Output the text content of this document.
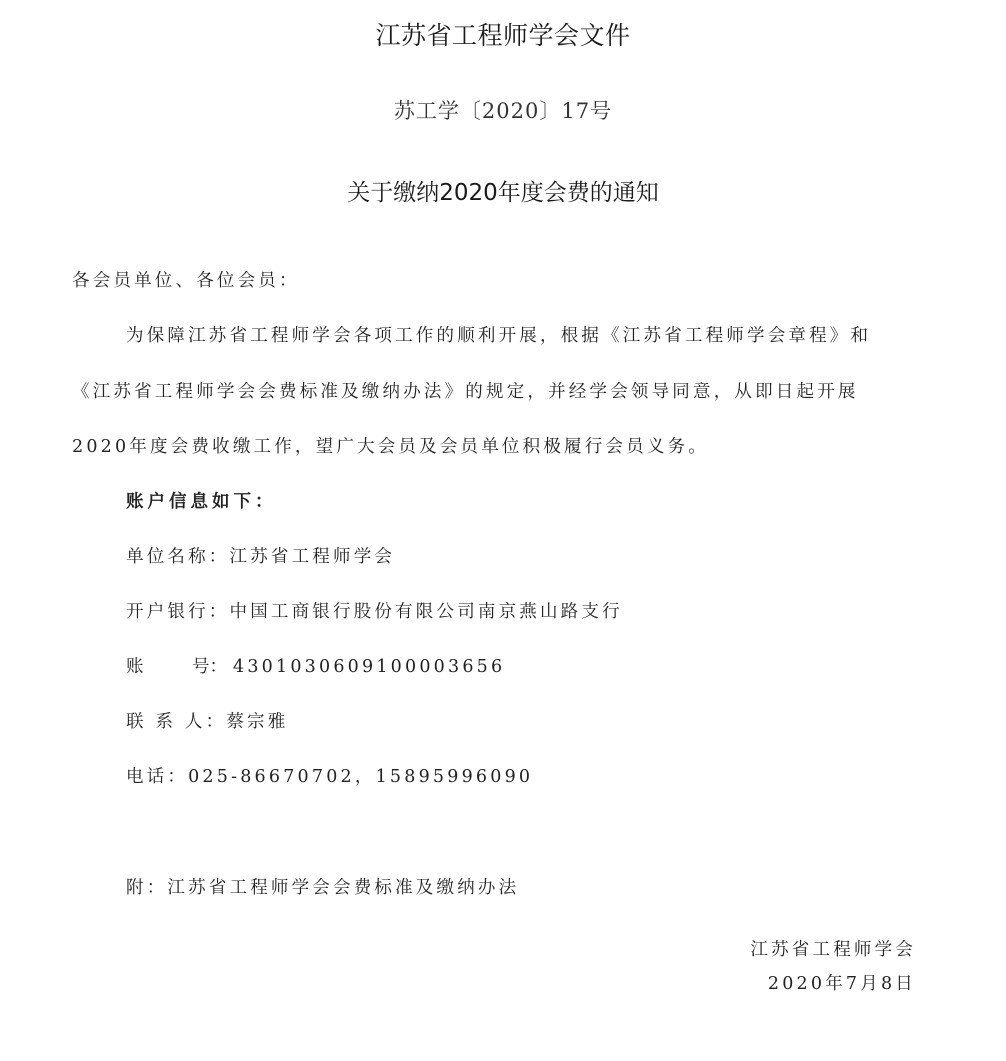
江苏省工程师学会文件
苏工学〔2020〕17号
关于缴纳2020年度会费的通知
各会员单位、各位会员：
为保障江苏省工程师学会各项工作的顺利开展，根据《江苏省工程师学会章程》和
《江苏省工程师学会会费标准及缴纳办法》的规定，并经学会领导同意，从即日起开展
2020年度会费收缴工作，望广大会员及会员单位积极履行会员义务。
账户信息如下：
单位名称：江苏省工程师学会
开户银行：中国工商银行股份有限公司南京燕山路支行
账	号： 4301030609100003656
联 系 人：蔡宗雅
电话：025-86670702，15895996090
附：江苏省工程师学会会费标准及缴纳办法
江苏省工程师学会
2020年7月8日
